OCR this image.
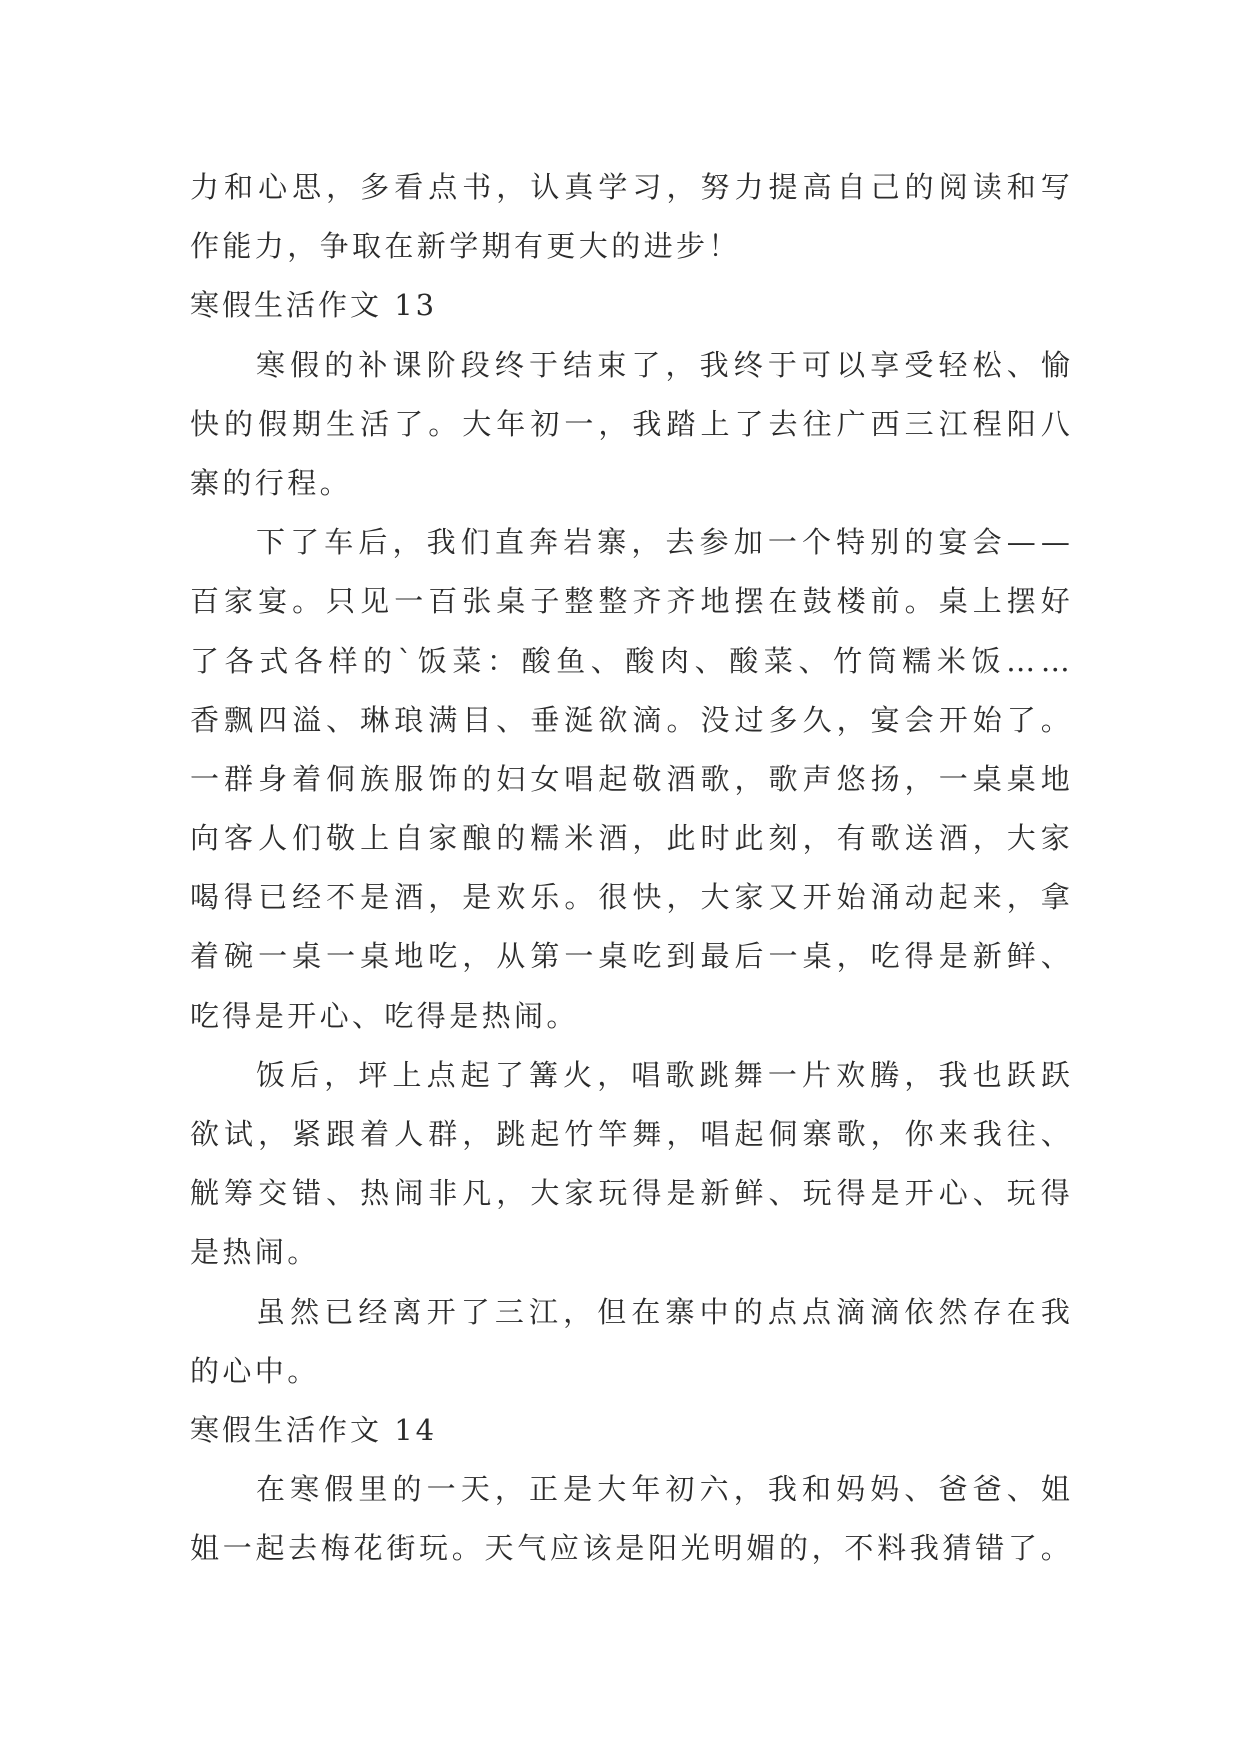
力 和 心 思 ， 多 看 点 书 ， 认 真 学 习 ， 努 力 提 高 自 己 的 阅 读 和 写
作能力，争取在新学期有更大的进步！
寒假生活作文 13
寒 假 的 补 课 阶 段 终 于 结 束 了 ， 我 终 于 可 以 享 受 轻 松 、 愉
快 的 假 期 生 活 了 。 大 年 初 一 ， 我 踏 上 了 去 往 广 西 三 江 程 阳 八
寨的行程。
下 了 车 后 ， 我 们 直 奔 岩 寨 ， 去 参 加 一 个 特 别 的 宴 会 — —
百 家 宴 。 只 见 一 百 张 桌 子 整 整 齐 齐 地 摆 在 鼓 楼 前 。 桌 上 摆 好
了 各 式 各 样 的 ` 饭 菜 ： 酸 鱼 、 酸 肉 、 酸 菜 、 竹 筒 糯 米 饭 … …
香 飘 四 溢 、 琳 琅 满 目 、 垂 涎 欲 滴 。 没 过 多 久 ， 宴 会 开 始 了 。
一 群 身 着 侗 族 服 饰 的 妇 女 唱 起 敬 酒 歌 ， 歌 声 悠 扬 ， 一 桌 桌 地
向 客 人 们 敬 上 自 家 酿 的 糯 米 酒 ， 此 时 此 刻 ， 有 歌 送 酒 ， 大 家
喝 得 已 经 不 是 酒 ， 是 欢 乐 。 很 快 ， 大 家 又 开 始 涌 动 起 来 ， 拿
着 碗 一 桌 一 桌 地 吃 ， 从 第 一 桌 吃 到 最 后 一 桌 ， 吃 得 是 新 鲜 、
吃得是开心、吃得是热闹。
饭 后 ， 坪 上 点 起 了 篝 火 ， 唱 歌 跳 舞 一 片 欢 腾 ， 我 也 跃 跃
欲 试 ， 紧 跟 着 人 群 ， 跳 起 竹 竿 舞 ， 唱 起 侗 寨 歌 ， 你 来 我 往 、
觥 筹 交 错 、 热 闹 非 凡 ， 大 家 玩 得 是 新 鲜 、 玩 得 是 开 心 、 玩 得
是热闹。
虽 然 已 经 离 开 了 三 江 ， 但 在 寨 中 的 点 点 滴 滴 依 然 存 在 我
的心中。
寒假生活作文 14
在 寒 假 里 的 一 天 ， 正 是 大 年 初 六 ， 我 和 妈 妈 、 爸 爸 、 姐
姐 一 起 去 梅 花 街 玩 。 天 气 应 该 是 阳 光 明 媚 的 ， 不 料 我 猜 错 了 。
